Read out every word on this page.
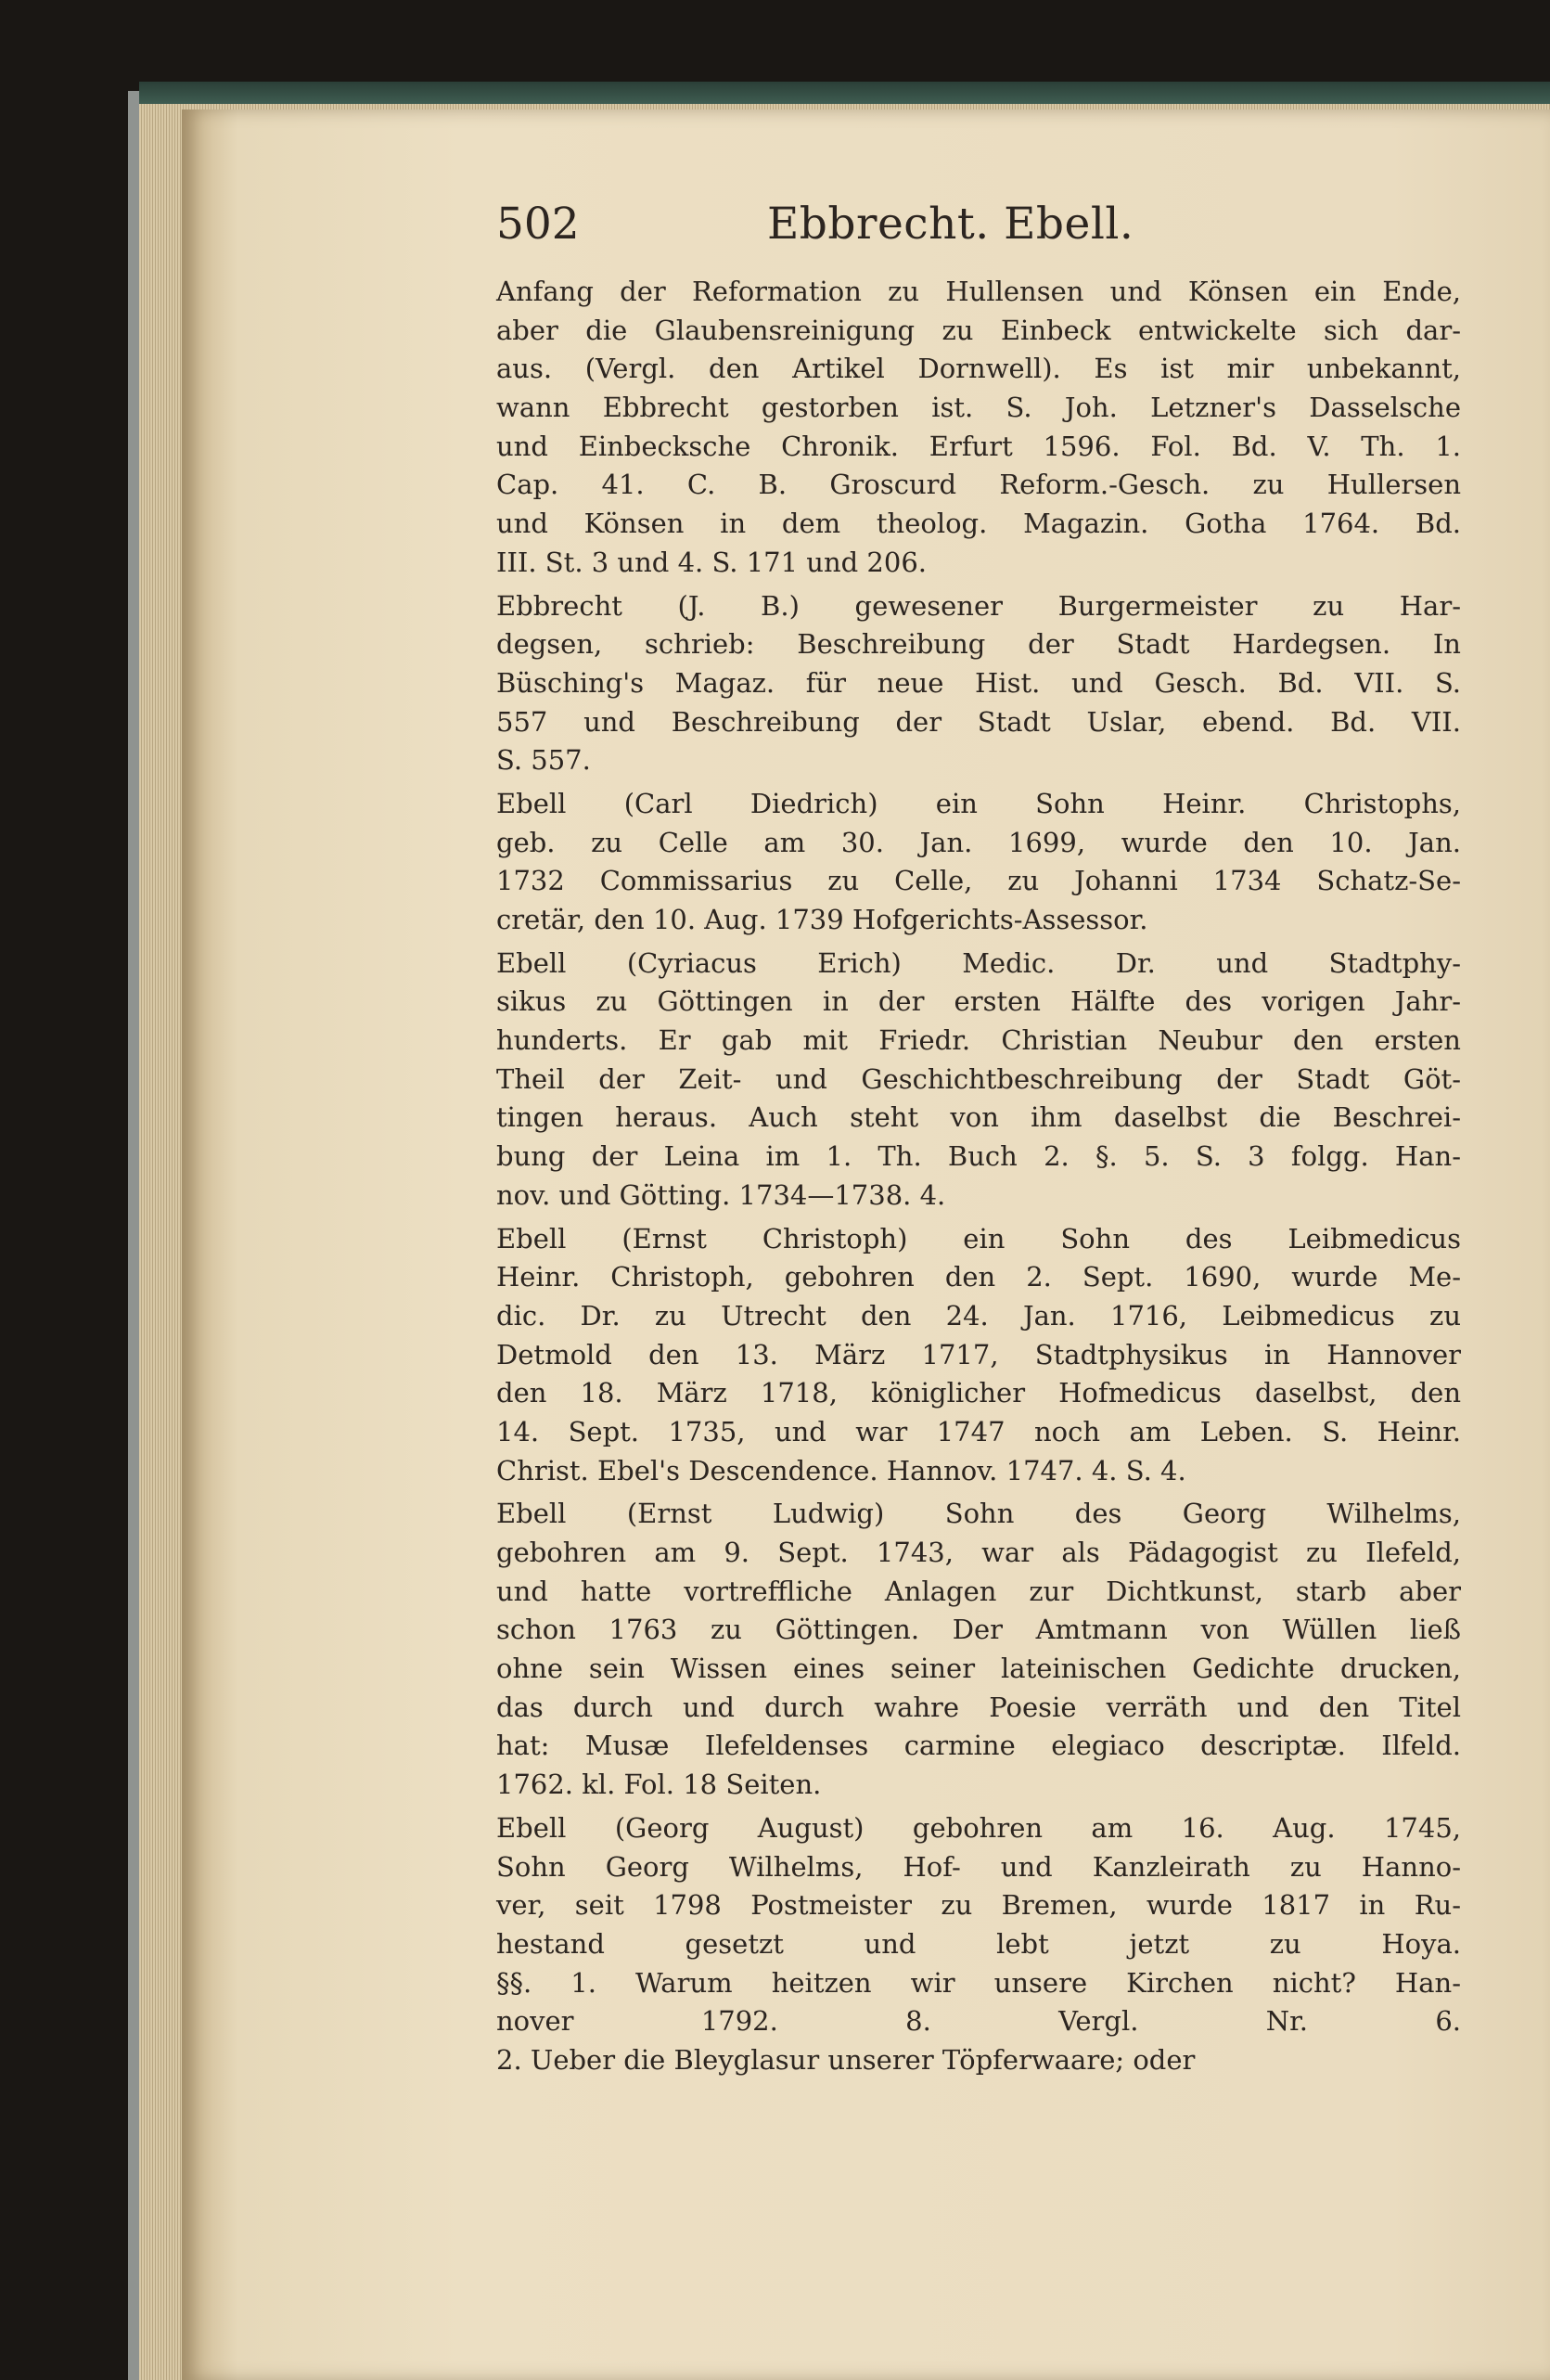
502	Ebbrecht. Ebell.
Anfang der Reformation zu Hullensen und Könsen ein Ende,
aber die Glaubensreinigung zu Einbeck entwickelte sich dar-
aus. (Vergl. den Artikel Dornwell). Es ist mir unbekannt,
wann Ebbrecht gestorben ist. S. Joh. Letzner's Dasselsche
und Einbecksche Chronik. Erfurt 1596. Fol. Bd. V. Th. 1.
Cap. 41. C. B. Groscurd Reform.-Gesch. zu Hullersen
und Könsen in dem theolog. Magazin. Gotha 1764. Bd.
III. St. 3 und 4. S. 171 und 206.
Ebbrecht (J. B.) gewesener Burgermeister zu Har-
degsen, schrieb: Beschreibung der Stadt Hardegsen. In
Büsching's Magaz. für neue Hist. und Gesch. Bd. VII. S.
557 und Beschreibung der Stadt Uslar, ebend. Bd. VII.
S. 557.
Ebell (Carl Diedrich) ein Sohn Heinr. Christophs,
geb. zu Celle am 30. Jan. 1699, wurde den 10. Jan.
1732 Commissarius zu Celle, zu Johanni 1734 Schatz-Se-
cretär, den 10. Aug. 1739 Hofgerichts-Assessor.
Ebell (Cyriacus Erich) Medic. Dr. und Stadtphy-
sikus zu Göttingen in der ersten Hälfte des vorigen Jahr-
hunderts. Er gab mit Friedr. Christian Neubur den ersten
Theil der Zeit- und Geschichtbeschreibung der Stadt Göt-
tingen heraus. Auch steht von ihm daselbst die Beschrei-
bung der Leina im 1. Th. Buch 2. §. 5. S. 3 folgg. Han-
nov. und Götting. 1734—1738. 4.
Ebell (Ernst Christoph) ein Sohn des Leibmedicus
Heinr. Christoph, gebohren den 2. Sept. 1690, wurde Me-
dic. Dr. zu Utrecht den 24. Jan. 1716, Leibmedicus zu
Detmold den 13. März 1717, Stadtphysikus in Hannover
den 18. März 1718, königlicher Hofmedicus daselbst, den
14. Sept. 1735, und war 1747 noch am Leben. S. Heinr.
Christ. Ebel's Descendence. Hannov. 1747. 4. S. 4.
Ebell (Ernst Ludwig) Sohn des Georg Wilhelms,
gebohren am 9. Sept. 1743, war als Pädagogist zu Ilefeld,
und hatte vortreffliche Anlagen zur Dichtkunst, starb aber
schon 1763 zu Göttingen. Der Amtmann von Wüllen ließ
ohne sein Wissen eines seiner lateinischen Gedichte drucken,
das durch und durch wahre Poesie verräth und den Titel
hat: Musæ Ilefeldenses carmine elegiaco descriptæ. Ilfeld.
1762. kl. Fol. 18 Seiten.
Ebell (Georg August) gebohren am 16. Aug. 1745,
Sohn Georg Wilhelms, Hof- und Kanzleirath zu Hanno-
ver, seit 1798 Postmeister zu Bremen, wurde 1817 in Ru-
hestand gesetzt und lebt jetzt zu Hoya.
§§. 1. Warum heitzen wir unsere Kirchen nicht? Han-
nover 1792. 8. Vergl. Nr. 6.
2. Ueber die Bleyglasur unserer Töpferwaare; oder
